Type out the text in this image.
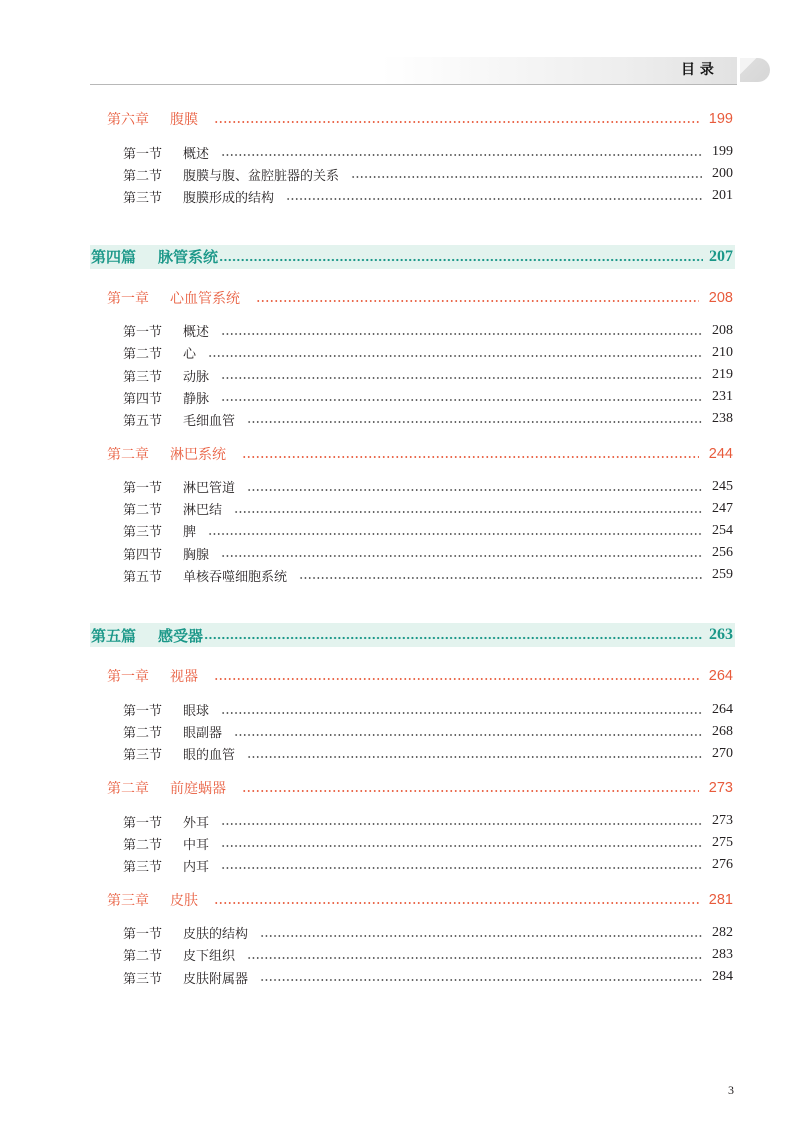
目 录
第六章	腹膜	199
第一节	概述	199
第二节	腹膜与腹、盆腔脏器的关系	200
第三节	腹膜形成的结构	201
第四篇	脉管系统	207
第一章	心血管系统	208
第一节	概述	208
第二节	心	210
第三节	动脉	219
第四节	静脉	231
第五节	毛细血管	238
第二章	淋巴系统	244
第一节	淋巴管道	245
第二节	淋巴结	247
第三节	脾	254
第四节	胸腺	256
第五节	单核吞噬细胞系统	259
第五篇	感受器	263
第一章	视器	264
第一节	眼球	264
第二节	眼副器	268
第三节	眼的血管	270
第二章	前庭蜗器	273
第一节	外耳	273
第二节	中耳	275
第三节	内耳	276
第三章	皮肤	281
第一节	皮肤的结构	282
第二节	皮下组织	283
第三节	皮肤附属器	284
3
